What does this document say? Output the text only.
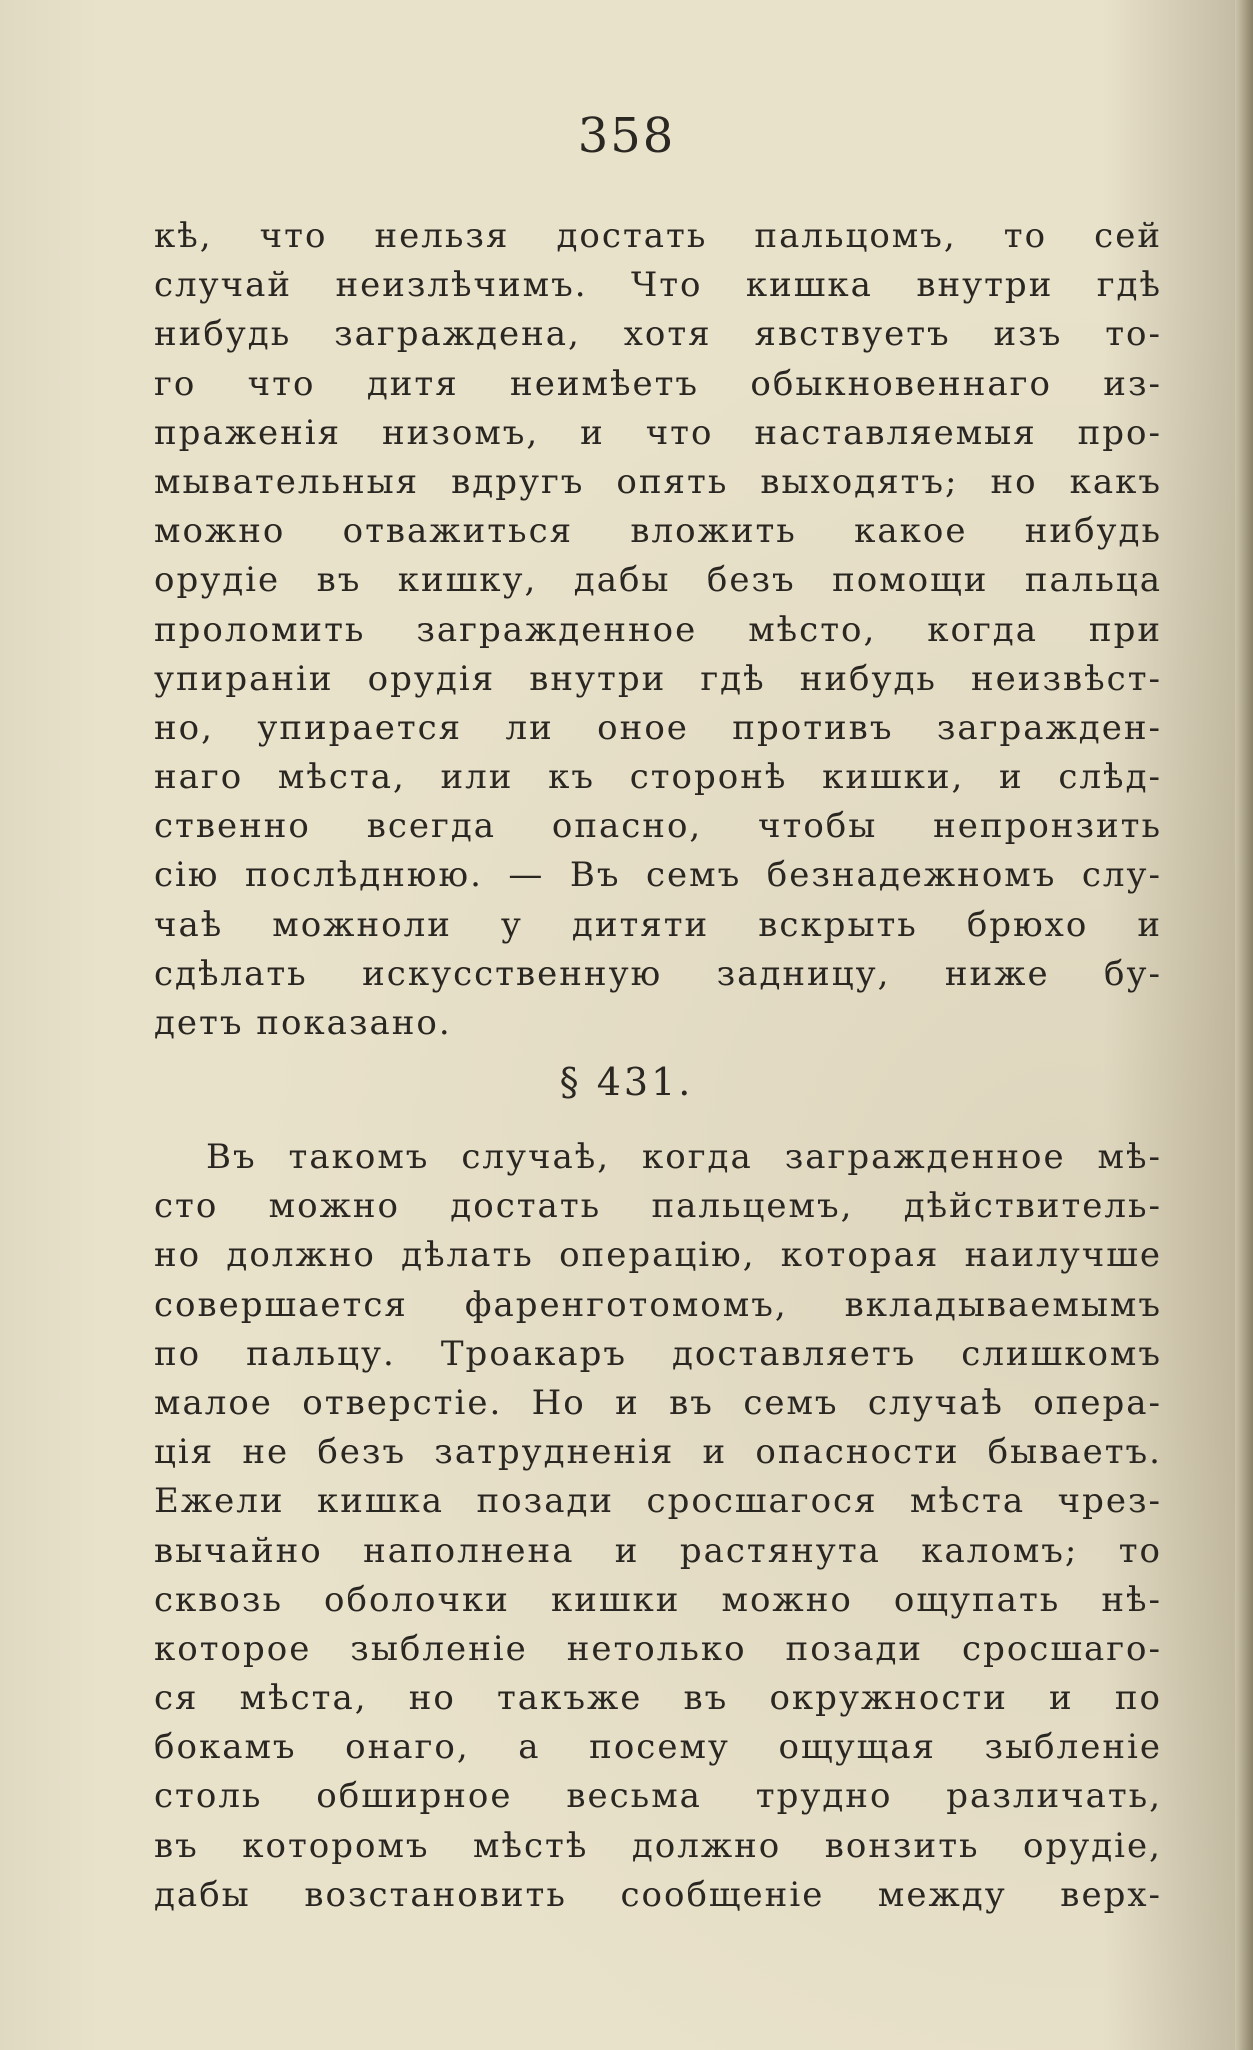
358
кѣ, что нельзя достать пальцомъ, то сей
случай неизлѣчимъ. Что кишка внутри гдѣ
нибудь заграждена, хотя явствуетъ изъ то-
го что дитя неимѣетъ обыкновеннаго из-
праженія низомъ, и что наставляемыя про-
мывательныя вдругъ опять выходятъ; но какъ
можно отважиться вложить какое нибудь
орудіе въ кишку, дабы безъ помощи пальца
проломить загражденное мѣсто, когда при
упираніи орудія внутри гдѣ нибудь неизвѣст-
но, упирается ли оное противъ загражден-
наго мѣста, или къ сторонѣ кишки, и слѣд-
ственно всегда опасно, чтобы непронзить
сію послѣднюю. — Въ семъ безнадежномъ слу-
чаѣ можноли у дитяти вскрыть брюхо и
сдѣлать искусственную задницу, ниже бу-
детъ показано.
§ 431.
Въ такомъ случаѣ, когда загражденное мѣ-
сто можно достать пальцемъ, дѣйствитель-
но должно дѣлать операцію, которая наилучше
совершается фаренготомомъ, вкладываемымъ
по пальцу. Троакаръ доставляетъ слишкомъ
малое отверстіе. Но и въ семъ случаѣ опера-
ція не безъ затрудненія и опасности бываетъ.
Ежели кишка позади сросшагося мѣста чрез-
вычайно наполнена и растянута каломъ; то
сквозь оболочки кишки можно ощупать нѣ-
которое зыбленіе нетолько позади сросшаго-
ся мѣста, но такъже въ окружности и по
бокамъ онаго, а посему ощущая зыбленіе
столь обширное весьма трудно различать,
въ которомъ мѣстѣ должно вонзить орудіе,
дабы возстановить сообщеніе между верх-
